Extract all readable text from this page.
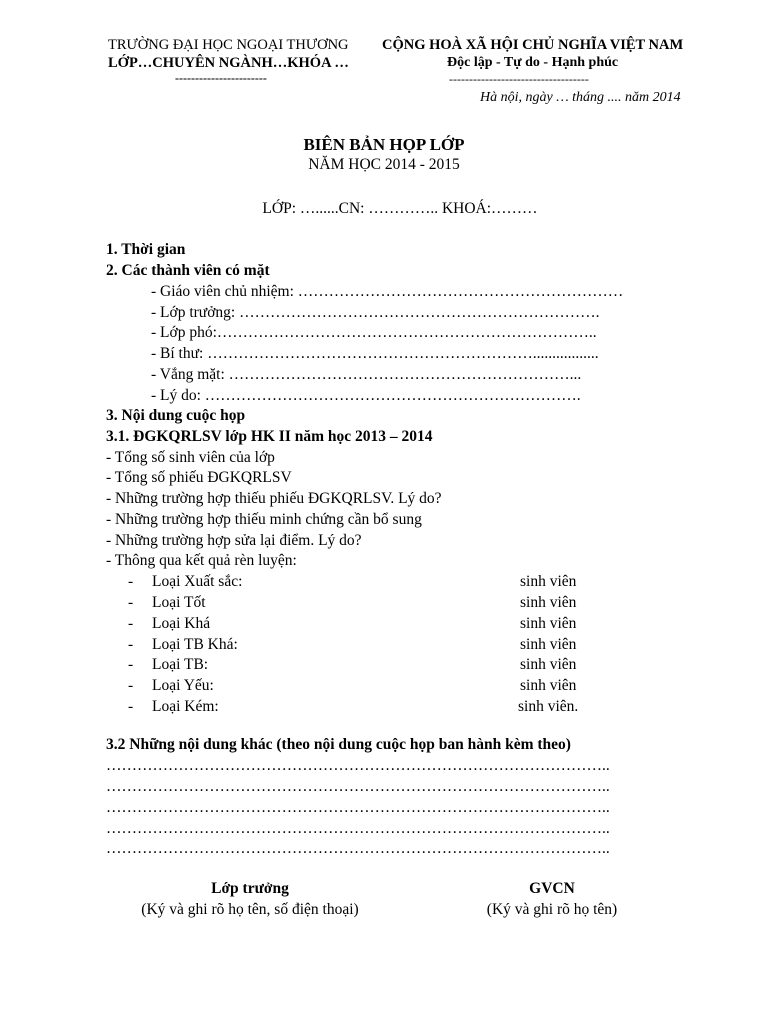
TRƯỜNG ĐẠI HỌC NGOẠI THƯƠNG
LỚP…CHUYÊN NGÀNH…KHÓA …
-----------------------
CỘNG HOÀ XÃ HỘI CHỦ NGHĨA VIỆT NAM
Độc lập - Tự do - Hạnh phúc
-----------------------------------
Hà nội, ngày … tháng .... năm 2014
BIÊN BẢN HỌP LỚP
NĂM HỌC 2014 - 2015
LỚP: …......CN: ………….. KHOÁ:………
1. Thời gian
2. Các thành viên có mặt
- Giáo viên chủ nhiệm: ………………………………………………………
- Lớp trưởng: …………………………………………………………….
- Lớp phó:………………………………………………………………..
- Bí thư: ……………………………………………………….................
- Vắng mặt: …………………………………………………………...
- Lý do: ……………………………………………………………….
3. Nội dung cuộc họp
3.1. ĐGKQRLSV lớp HK II năm học 2013 – 2014
- Tổng số sinh viên của lớp
- Tổng số phiếu ĐGKQRLSV
- Những trường hợp thiếu phiếu ĐGKQRLSV. Lý do?
- Những trường hợp thiếu minh chứng cần bổ sung
- Những trường hợp sửa lại điểm. Lý do?
- Thông qua kết quả rèn luyện:
- Loại Xuất sắc:	sinh viên
- Loại Tốt	sinh viên
- Loại Khá	sinh viên
- Loại TB Khá:	sinh viên
- Loại TB:	sinh viên
- Loại Yếu:	sinh viên
- Loại Kém:	sinh viên.
3.2 Những nội dung khác (theo nội dung cuộc họp ban hành kèm theo)
……………………………………………………………………………………..
……………………………………………………………………………………..
……………………………………………………………………………………..
……………………………………………………………………………………..
……………………………………………………………………………………..
Lớp trưởng
(Ký và ghi rõ họ tên, số điện thoại)
GVCN
(Ký và ghi rõ họ tên)
